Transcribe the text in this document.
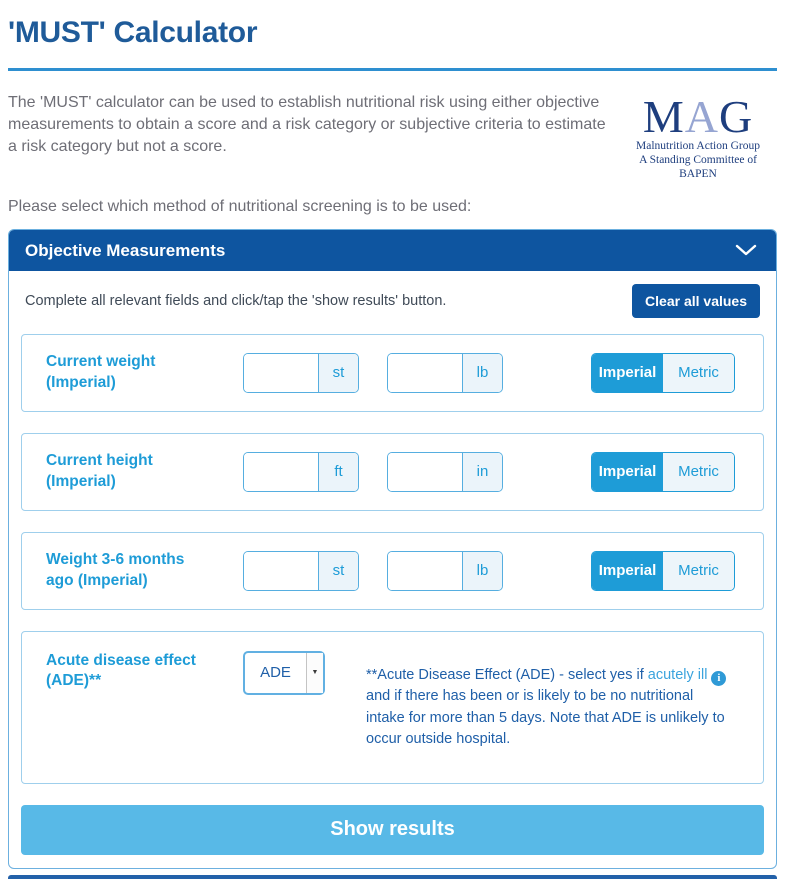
'MUST' Calculator

The 'MUST' calculator can be used to establish nutritional risk using either objective measurements to obtain a score and a risk category or subjective criteria to estimate a risk category but not a score.

MAG
Malnutrition Action Group
A Standing Committee of BAPEN

Please select which method of nutritional screening is to be used:

Objective Measurements
Complete all relevant fields and click/tap the 'show results' button.	Clear all values
Current weight (Imperial)
st	lb	Imperial	Metric
Current height (Imperial)
ft	in	Imperial	Metric
Weight 3-6 months ago (Imperial)
st	lb	Imperial	Metric
Acute disease effect (ADE)**	ADE	▼	**Acute Disease Effect (ADE) - select yes if acutely ill i and if there has been or is likely to be no nutritional intake for more than 5 days. Note that ADE is unlikely to occur outside hospital.

Show results
